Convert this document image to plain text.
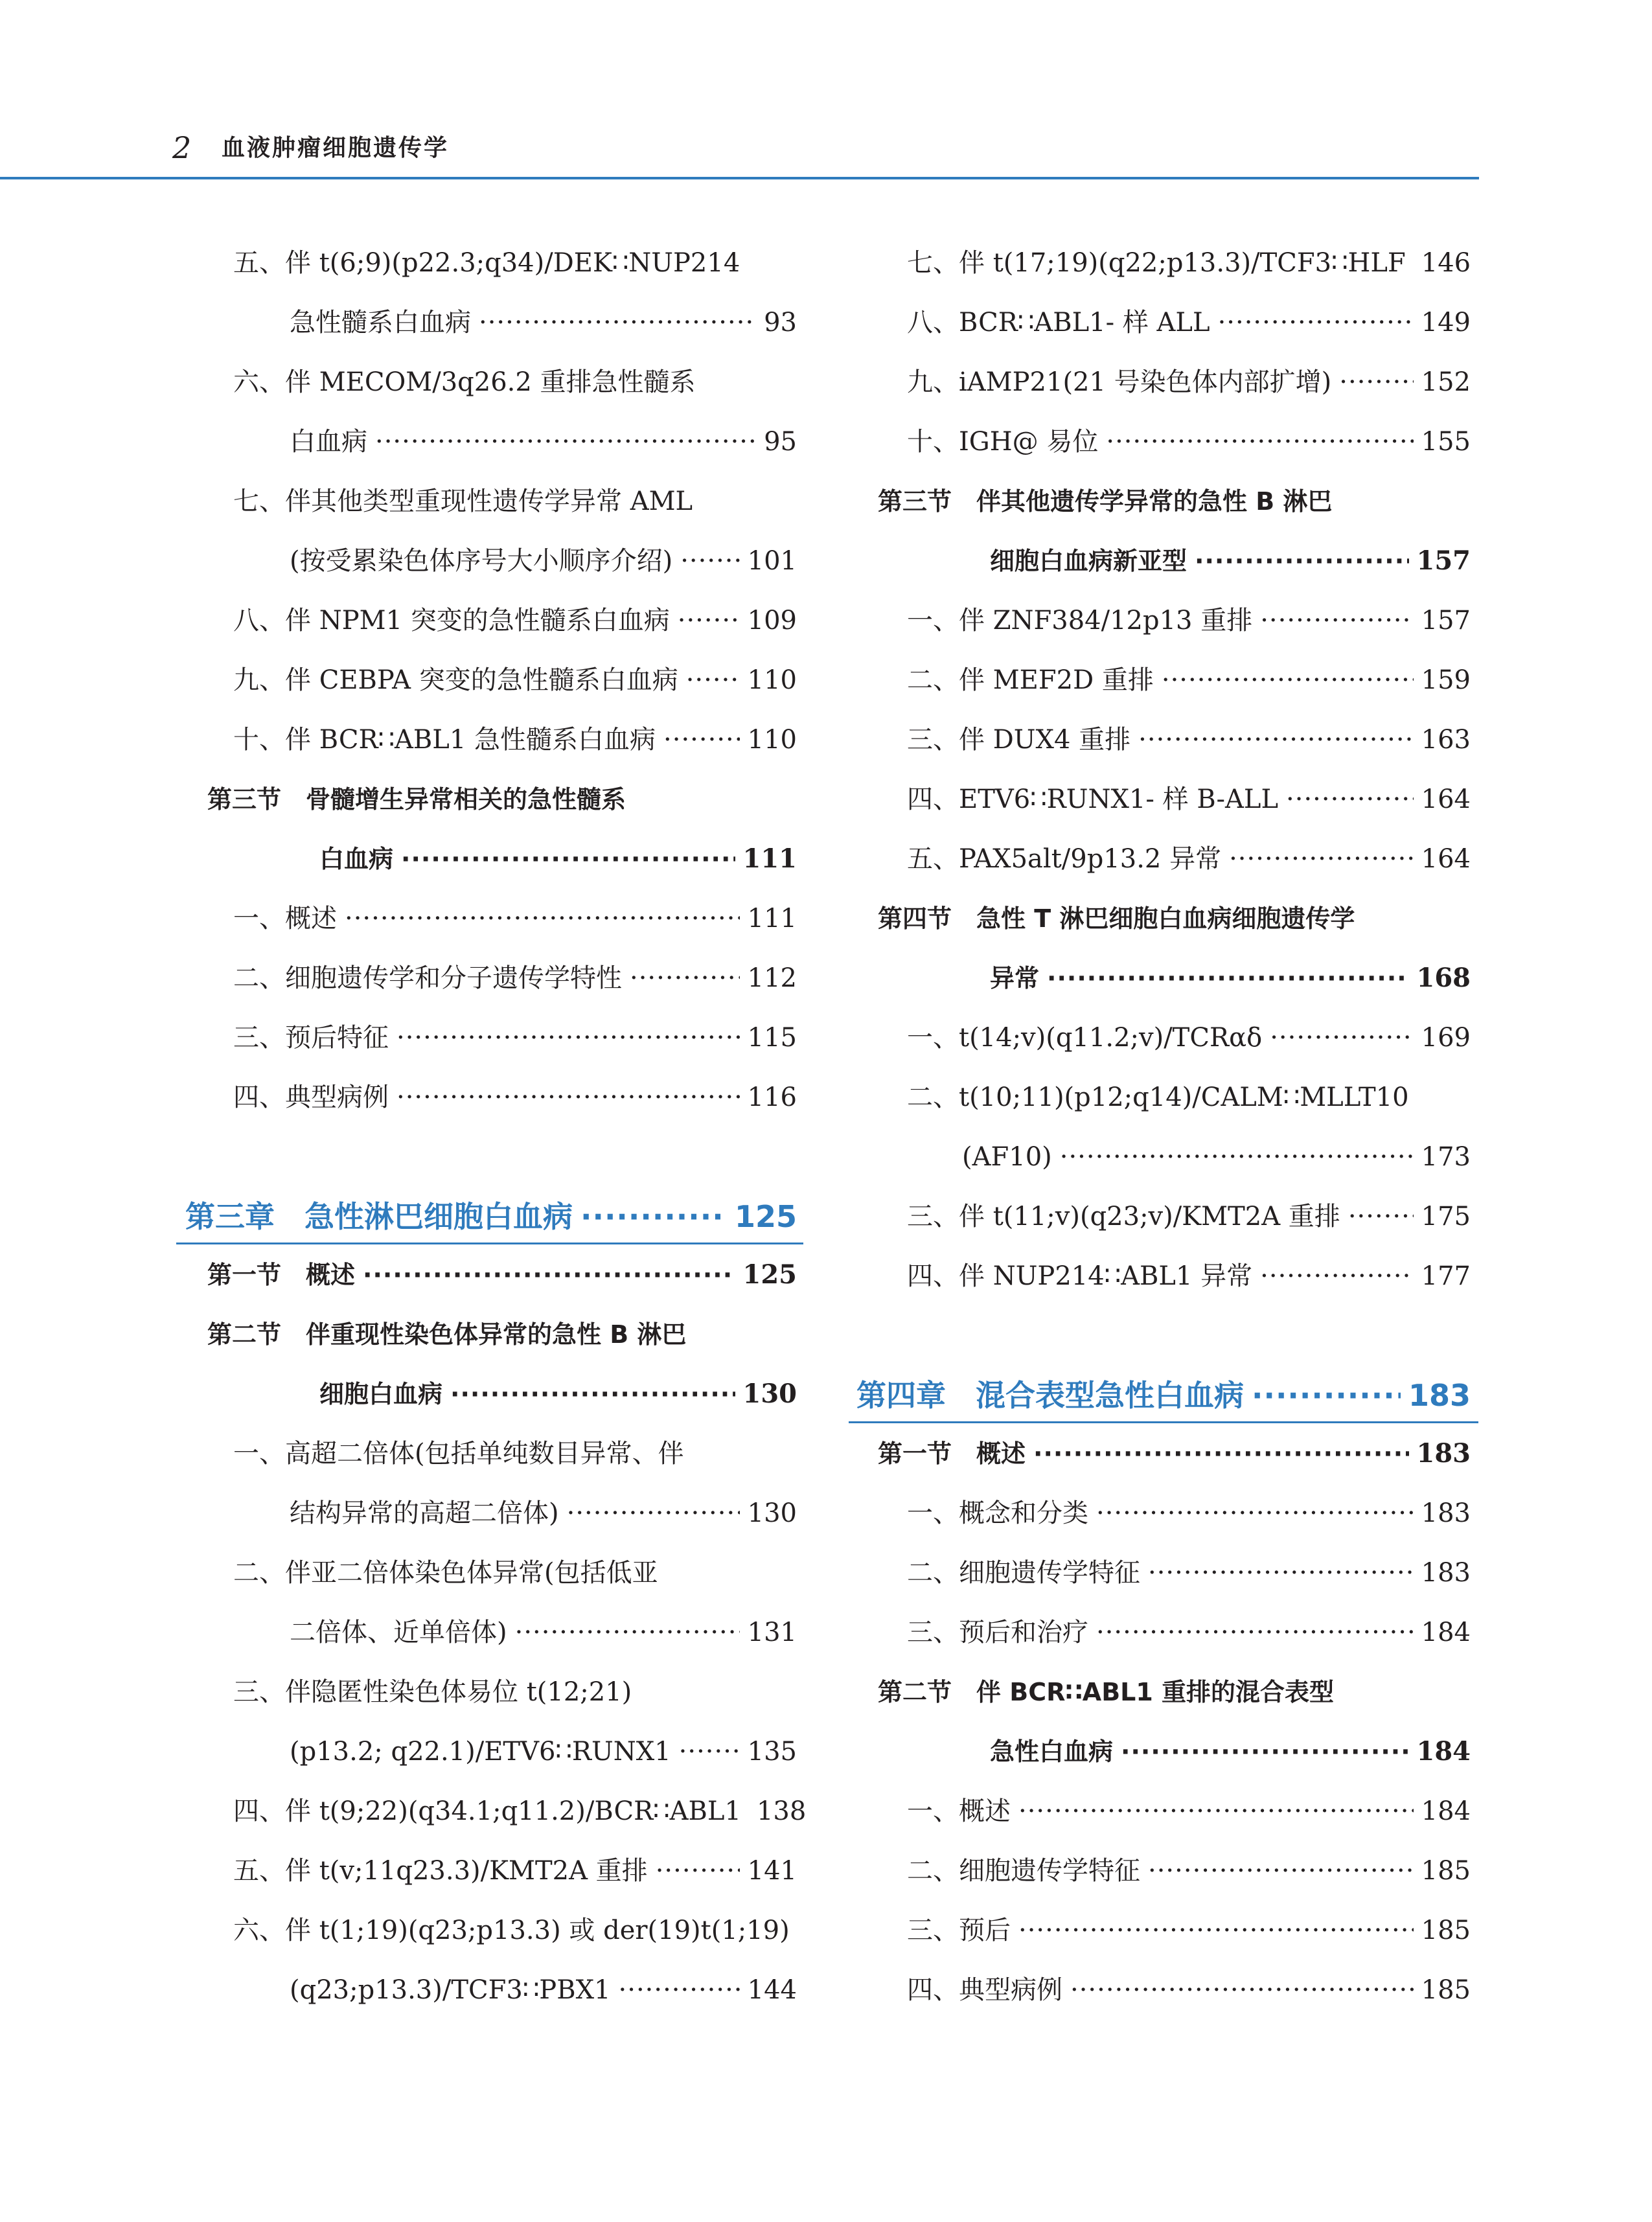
2 血液肿瘤细胞遗传学
五、伴 t(6;9)(p22.3;q34)/DEK∷NUP214
急性髓系白血病 ·····	93
六、伴 MECOM/3q26.2 重排急性髓系
白血病 ·····	95
七、伴其他类型重现性遗传学异常 AML
(按受累染色体序号大小顺序介绍) ·····	101
八、伴 NPM1 突变的急性髓系白血病 ·····	109
九、伴 CEBPA 突变的急性髓系白血病 ·····	110
十、伴 BCR∷ABL1 急性髓系白血病 ·····	110
第三节　骨髓增生异常相关的急性髓系
白血病 ·····	111
一、概述 ·····	111
二、细胞遗传学和分子遗传学特性 ·····	112
三、预后特征 ·····	115
四、典型病例 ·····	116
第三章　急性淋巴细胞白血病 ·····	125
第一节　概述 ·····	125
第二节　伴重现性染色体异常的急性 B 淋巴
细胞白血病 ·····	130
一、高超二倍体(包括单纯数目异常、伴
结构异常的高超二倍体) ·····	130
二、伴亚二倍体染色体异常(包括低亚
二倍体、近单倍体) ·····	131
三、伴隐匿性染色体易位 t(12;21)
(p13.2; q22.1)/ETV6∷RUNX1 ·····	135
四、伴 t(9;22)(q34.1;q11.2)/BCR∷ABL1 138
五、伴 t(v;11q23.3)/KMT2A 重排 ·····	141
六、伴 t(1;19)(q23;p13.3) 或 der(19)t(1;19)
(q23;p13.3)/TCF3∷PBX1 ·····	144
七、伴 t(17;19)(q22;p13.3)/TCF3∷HLF 146
八、BCR∷ABL1- 样 ALL ·····	149
九、iAMP21(21 号染色体内部扩增) ·····	152
十、IGH@ 易位 ·····	155
第三节　伴其他遗传学异常的急性 B 淋巴
细胞白血病新亚型 ·····	157
一、伴 ZNF384/12p13 重排 ·····	157
二、伴 MEF2D 重排 ·····	159
三、伴 DUX4 重排 ·····	163
四、ETV6∷RUNX1- 样 B-ALL ·····	164
五、PAX5alt/9p13.2 异常 ·····	164
第四节　急性 T 淋巴细胞白血病细胞遗传学
异常 ·····	168
一、t(14;v)(q11.2;v)/TCRαδ ·····	169
二、t(10;11)(p12;q14)/CALM∷MLLT10
(AF10) ·····	173
三、伴 t(11;v)(q23;v)/KMT2A 重排 ·····	175
四、伴 NUP214∷ABL1 异常 ·····	177
第四章　混合表型急性白血病 ·····	183
第一节　概述 ·····	183
一、概念和分类 ·····	183
二、细胞遗传学特征 ·····	183
三、预后和治疗 ·····	184
第二节　伴 BCR∷ABL1 重排的混合表型
急性白血病 ·····	184
一、概述 ·····	184
二、细胞遗传学特征 ·····	185
三、预后 ·····	185
四、典型病例 ·····	185
